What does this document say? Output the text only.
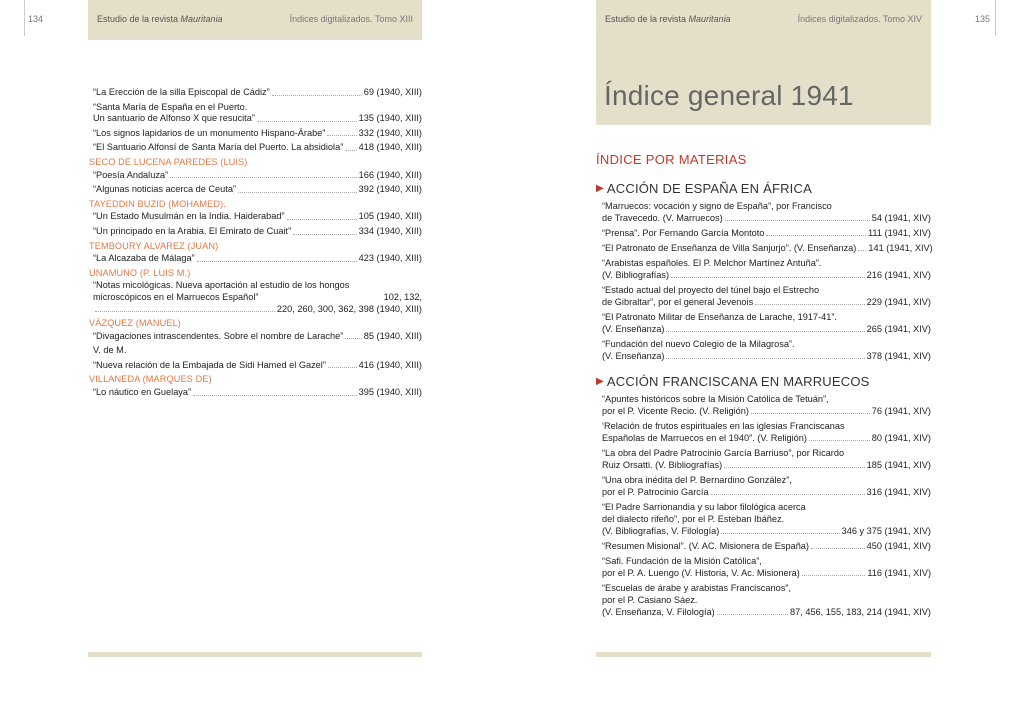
134	Estudio de la revista Mauritania	Índices digitalizados. Tomo XIII
“La Erección de la silla Episcopal de Cádiz”	69 (1940, XIII)
“Santa María de España en el Puerto.
Un santuario de Alfonso X que resucita”	135 (1940, XIII)
“Los signos lapidarios de un monumento Hispano-Árabe”	332 (1940, XIII)
“El Santuario Alfonsí de Santa María del Puerto. La absidiola” 418 (1940, XIII)
SECO DE LUCENA PAREDES (LUIS)
“Poesía Andaluza”	166 (1940, XIII)
“Algunas noticias acerca de Ceuta”	392 (1940, XIII)
TAYEDDIN BUZID (MOHAMED).
“Un Estado Musulmán en la India. Haiderabad”	105 (1940, XIII)
“Un principado en la Arabia. El Emirato de Cuait”	334 (1940, XIII)
TEMBOURY ALVAREZ (JUAN)
“La Alcazaba de Málaga”	423 (1940, XIII)
UNAMUNO (P. LUIS M.)
“Notas micológicas. Nueva aportación al estudio de los hongos
microscópicos en el Marruecos Español”	102, 132,
220, 260, 300, 362, 398 (1940, XIII)
VÁZQUEZ (MANUEL)
“Divagaciones intrascendentes. Sobre el nombre de Larache” 85 (1940, XIII)
V. de M.
“Nueva relación de la Embajada de Sidi Hamed el Gazel”	416 (1940, XIII)
VILLANEDA (MARQUES DE)
“Lo náutico en Guelaya”	395 (1940, XIII)
135
Estudio de la revista Mauritania	Índices digitalizados. Tomo XIV
Índice general 1941
ÍNDICE POR MATERIAS
▶ ACCIÓN DE ESPAÑA EN ÁFRICA
“Marruecos: vocación y signo de España”, por Francisco
de Travecedo. (V. Marruecos)	54 (1941, XIV)
“Prensa”. Por Fernando García Montoto	111 (1941, XIV)
“El Patronato de Enseñanza de Villa Sanjurjo”. (V. Enseñanza) 141 (1941, XIV)
“Arabistas españoles. El P. Melchor Martínez Antuña”.
(V. Bibliografías)	216 (1941, XIV)
“Estado actual del proyecto del túnel bajo el Estrecho
de Gibraltar”, por el general Jevenois	229 (1941, XIV)
“El Patronato Militar de Enseñanza de Larache, 1917-41”.
(V. Enseñanza)	265 (1941, XIV)
“Fundación del nuevo Colegio de la Milagrosa”.
(V. Enseñanza)	378 (1941, XIV)
▶ ACCIÓN FRANCISCANA EN MARRUECOS
“Apuntes históricos sobre la Misión Católica de Tetuán”,
por el P. Vicente Recio. (V. Religión)	76 (1941, XIV)
‘Relación de frutos espirituales en las iglesias Franciscanas
Españolas de Marruecos en el 1940”. (V. Religión)	80 (1941, XIV)
“La obra del Padre Patrocinio García Barriuso”, por Ricardo
Ruiz Orsatti. (V. Bibliografías)	185 (1941, XIV)
“Una obra inédita del P. Bernardino González”,
por el P. Patrocinio García	316 (1941, XIV)
“El Padre Sarrionandia y su labor filológica acerca
del dialecto rifeño”, por el P. Esteban Ibáñez.
(V. Bibliografías, V. Filología)	346 y 375 (1941, XIV)
“Resumen Misional”. (V. AC. Misionera de España)	450 (1941, XIV)
“Safi. Fundación de la Misión Católica”,
por el P. A. Luengo (V. Historia, V. Ac. Misionera)	116 (1941, XIV)
“Escuelas de árabe y arabistas Franciscanos”,
por el P. Casiano Sáez.
(V. Enseñanza, V. Filología)	87, 456, 155, 183, 214 (1941, XIV)
